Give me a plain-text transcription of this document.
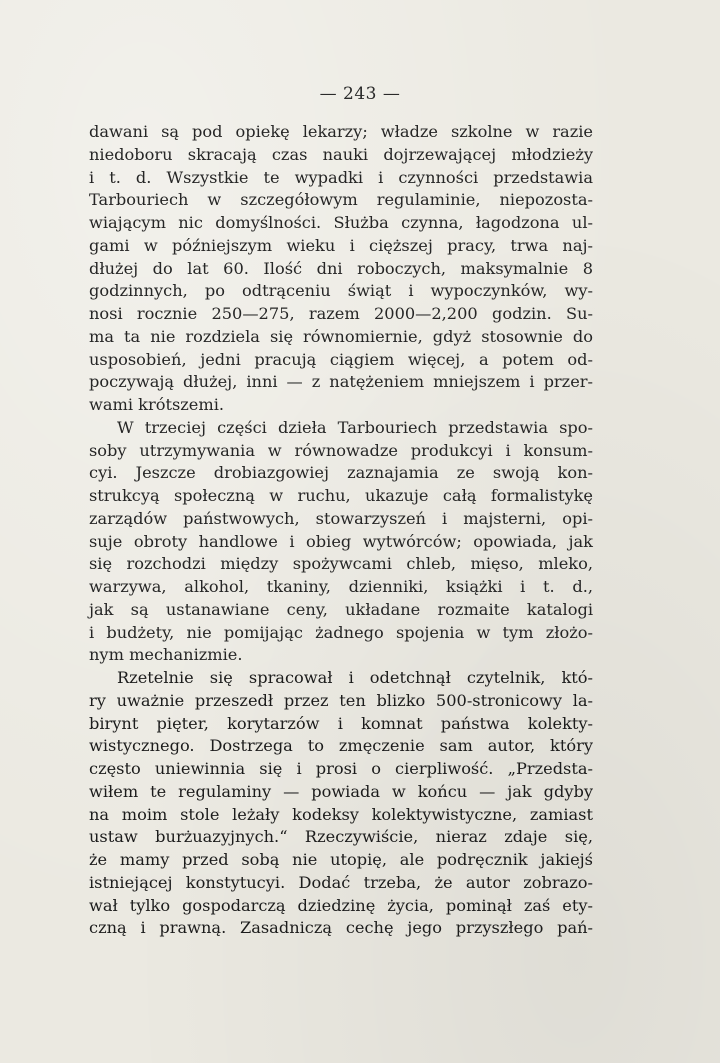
— 243 —
dawani są pod opiekę lekarzy; władze szkolne w razie
niedoboru skracają czas nauki dojrzewającej młodzieży
i t. d. Wszystkie te wypadki i czynności przedstawia
Tarbouriech w szczegółowym regulaminie, niepozosta-
wiającym nic domyślności. Służba czynna, łagodzona ul-
gami w późniejszym wieku i cięższej pracy, trwa naj-
dłużej do lat 60. Ilość dni roboczych, maksymalnie 8
godzinnych, po odtrąceniu świąt i wypoczynków, wy-
nosi rocznie 250—275, razem 2000—2,200 godzin. Su-
ma ta nie rozdziela się równomiernie, gdyż stosownie do
usposobień, jedni pracują ciągiem więcej, a potem od-
poczywają dłużej, inni — z natężeniem mniejszem i przer-
wami krótszemi.
W trzeciej części dzieła Tarbouriech przedstawia spo-
soby utrzymywania w równowadze produkcyi i konsum-
cyi. Jeszcze drobiazgowiej zaznajamia ze swoją kon-
strukcyą społeczną w ruchu, ukazuje całą formalistykę
zarządów państwowych, stowarzyszeń i majsterni, opi-
suje obroty handlowe i obieg wytwórców; opowiada, jak
się rozchodzi między spożywcami chleb, mięso, mleko,
warzywa, alkohol, tkaniny, dzienniki, książki i t. d.,
jak są ustanawiane ceny, układane rozmaite katalogi
i budżety, nie pomijając żadnego spojenia w tym złożo-
nym mechanizmie.
Rzetelnie się spracował i odetchnął czytelnik, któ-
ry uważnie przeszedł przez ten blizko 500-stronicowy la-
birynt pięter, korytarzów i komnat państwa kolekty-
wistycznego. Dostrzega to zmęczenie sam autor, który
często uniewinnia się i prosi o cierpliwość. „Przedsta-
wiłem te regulaminy — powiada w końcu — jak gdyby
na moim stole leżały kodeksy kolektywistyczne, zamiast
ustaw burżuazyjnych.“ Rzeczywiście, nieraz zdaje się,
że mamy przed sobą nie utopię, ale podręcznik jakiejś
istniejącej konstytucyi. Dodać trzeba, że autor zobrazo-
wał tylko gospodarczą dziedzinę życia, pominął zaś ety-
czną i prawną. Zasadniczą cechę jego przyszłego pań-
